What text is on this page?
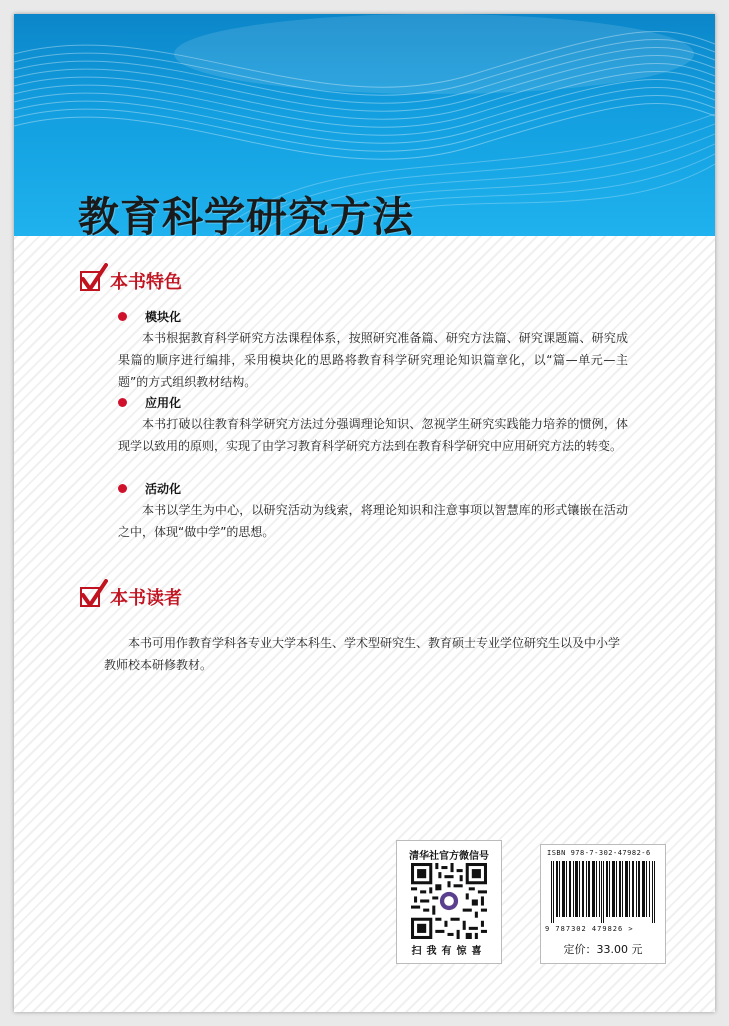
教育科学研究方法
本书特色
模块化

本书根据教育科学研究方法课程体系，按照研究准备篇、研究方法篇、研究课题篇、研究成果篇的顺序进行编排，采用模块化的思路将教育科学研究理论知识篇章化，以“篇—单元—主题”的方式组织教材结构。

应用化

本书打破以往教育科学研究方法过分强调理论知识、忽视学生研究实践能力培养的惯例，体现学以致用的原则，实现了由学习教育科学研究方法到在教育科学研究中应用研究方法的转变。

活动化

本书以学生为中心，以研究活动为线索，将理论知识和注意事项以智慧库的形式镶嵌在活动之中，体现“做中学”的思想。

本书读者

本书可用作教育学科各专业大学本科生、学术型研究生、教育硕士专业学位研究生以及中小学教师校本研修教材。

清华社官方微信号
扫我有惊喜
ISBN 978-7-302-47982-6
9 787302 479826 >
定价：33.00 元
